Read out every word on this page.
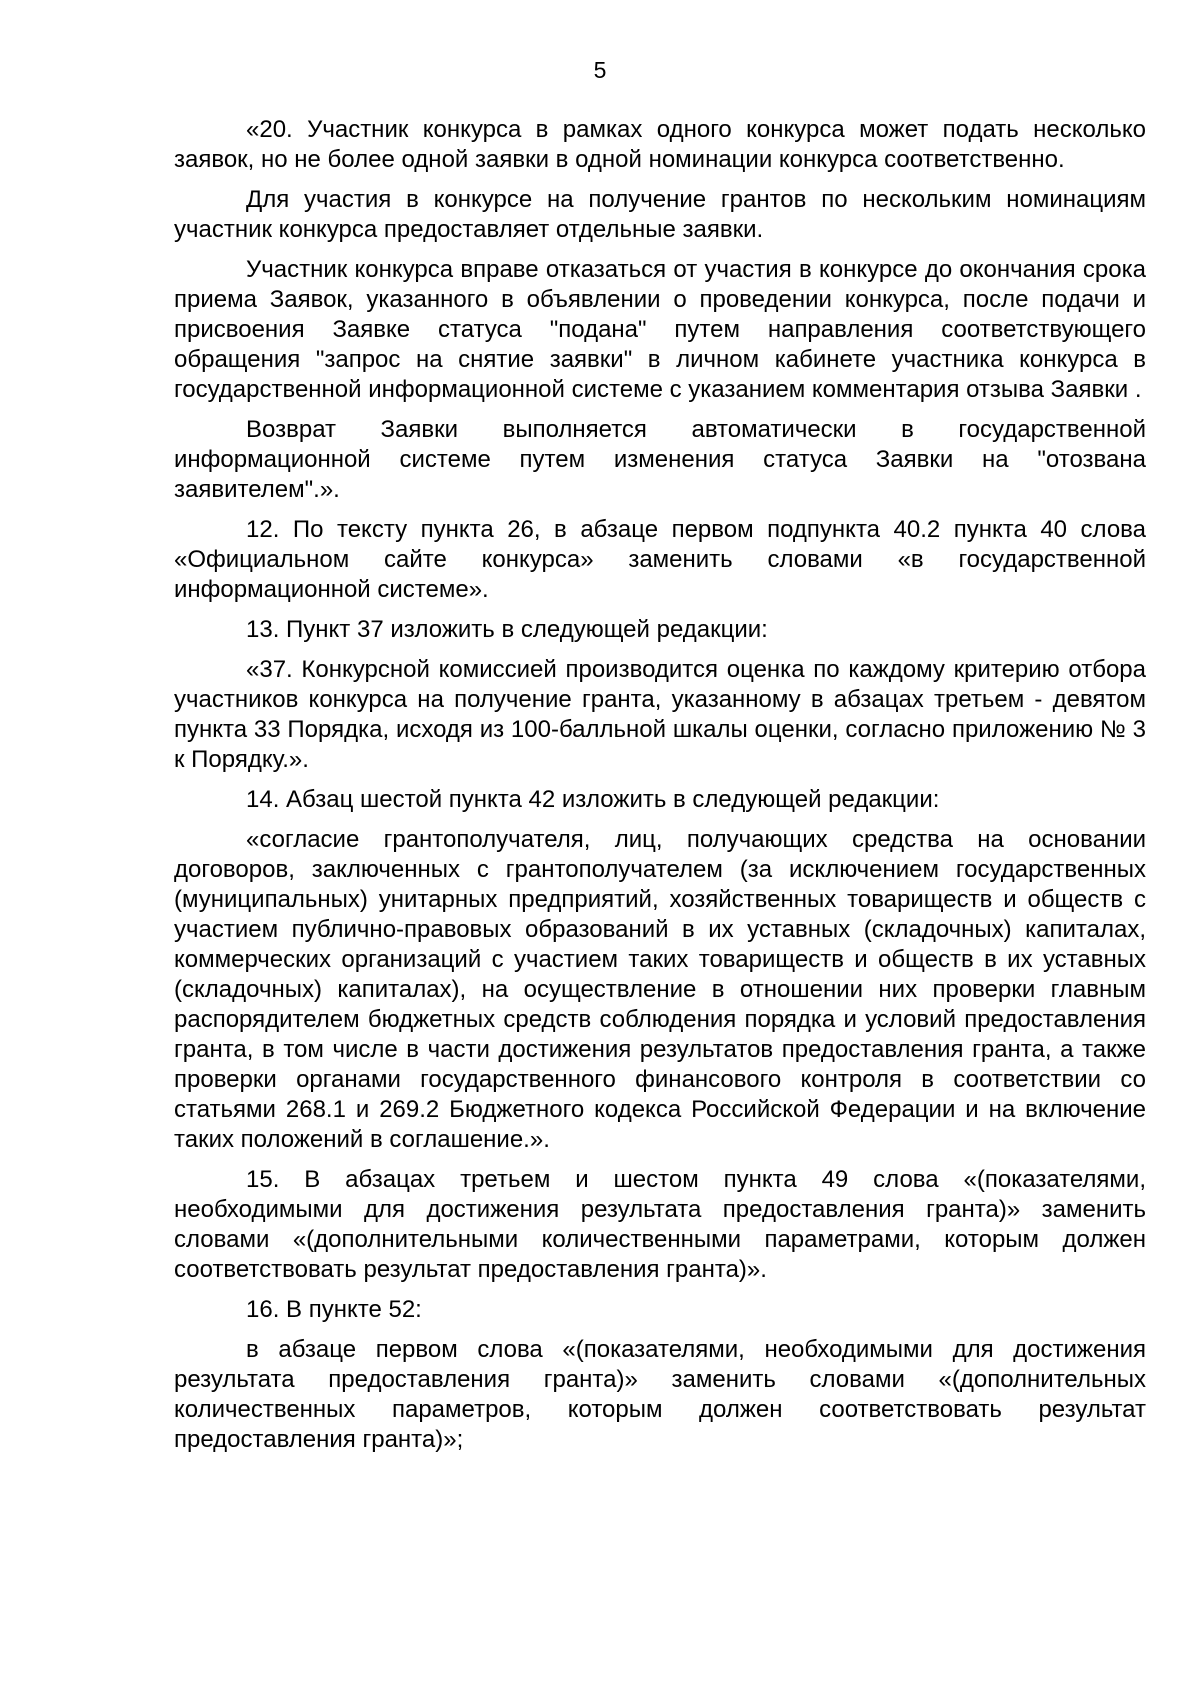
5

«20. Участник конкурса в рамках одного конкурса может подать несколько заявок, но не более одной заявки в одной номинации конкурса соответственно.

Для участия в конкурсе на получение грантов по нескольким номинациям участник конкурса предоставляет отдельные заявки.

Участник конкурса вправе отказаться от участия в конкурсе до окончания срока приема Заявок, указанного в объявлении о проведении конкурса, после подачи и присвоения Заявке статуса "подана" путем направления соответствующего обращения "запрос на снятие заявки" в личном кабинете участника конкурса в государственной информационной системе с указанием комментария отзыва Заявки .

Возврат Заявки выполняется автоматически в государственной информационной системе путем изменения статуса Заявки на "отозвана заявителем".».

12. По тексту пункта 26, в абзаце первом подпункта 40.2 пункта 40 слова «Официальном сайте конкурса» заменить словами «в государственной информационной системе».

13. Пункт 37 изложить в следующей редакции:

«37. Конкурсной комиссией производится оценка по каждому критерию отбора участников конкурса на получение гранта, указанному в абзацах третьем - девятом пункта 33 Порядка, исходя из 100-балльной шкалы оценки, согласно приложению № 3 к Порядку.».

14. Абзац шестой пункта 42 изложить в следующей редакции:

«согласие грантополучателя, лиц, получающих средства на основании договоров, заключенных с грантополучателем (за исключением государственных (муниципальных) унитарных предприятий, хозяйственных товариществ и обществ с участием публично-правовых образований в их уставных (складочных) капиталах, коммерческих организаций с участием таких товариществ и обществ в их уставных (складочных) капиталах), на осуществление в отношении них проверки главным распорядителем бюджетных средств соблюдения порядка и условий предоставления гранта, в том числе в части достижения результатов предоставления гранта, а также проверки органами государственного финансового контроля в соответствии со статьями 268.1 и 269.2 Бюджетного кодекса Российской Федерации и на включение таких положений в соглашение.».

15. В абзацах третьем и шестом пункта 49 слова «(показателями, необходимыми для достижения результата предоставления гранта)» заменить словами «(дополнительными количественными параметрами, которым должен соответствовать результат предоставления гранта)».

16. В пункте 52:

в абзаце первом слова «(показателями, необходимыми для достижения результата предоставления гранта)» заменить словами «(дополнительных количественных параметров, которым должен соответствовать результат предоставления гранта)»;
